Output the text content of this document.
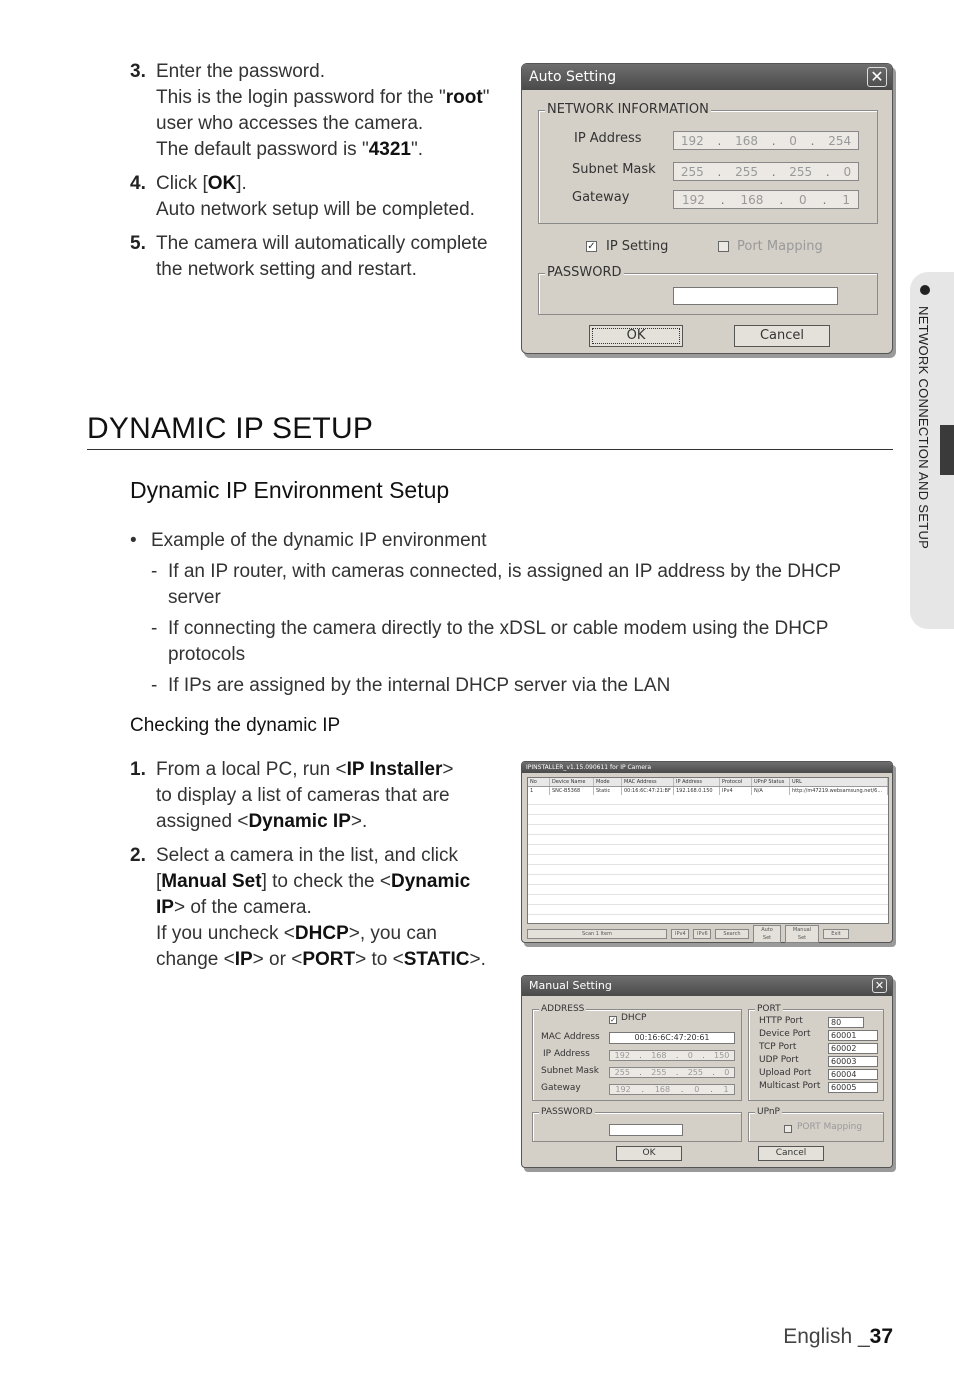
3. Enter the password.
This is the login password for the "root"
user who accesses the camera.
The default password is "4321".
4. Click [OK].
Auto network setup will be completed.
5. The camera will automatically complete
the network setting and restart.
Auto Setting	✕
NETWORK INFORMATION
IP Address	192 . 168 . 0 . 254
Subnet Mask 255 . 255 . 255 . 0
Gateway	192 . 168 . 0 . 1
✓ IP Setting	Port Mapping
PASSWORD
OK	Cancel
DYNAMIC IP SETUP
Dynamic IP Environment Setup
• Example of the dynamic IP environment
- If an IP router, with cameras connected, is assigned an IP address by the DHCP server
- If connecting the camera directly to the xDSL or cable modem using the DHCP protocols
- If IPs are assigned by the internal DHCP server via the LAN
Checking the dynamic IP
1. From a local PC, run <IP Installer>
to display a list of cameras that are
assigned <Dynamic IP>.
2. Select a camera in the list, and click
[Manual Set] to check the <Dynamic
IP> of the camera.
If you uncheck <DHCP>, you can
change <IP> or <PORT> to <STATIC>.
IPINSTALLER_v1.15.090611 for IP Camera
No	Device Name	Mode	MAC Address	IP Address	Protocol	UPnP Status	URL
1	SNC-B5368	Static	00:16:6C:47:21:BF	192.168.0.150	IPv4	N/A	http://m47219.websamsung.net/6...
Scan 1 Item	IPv4	IPv6	Search
Auto Set
Manual Set
Exit
Manual Setting	✕
ADDRESS
✓ DHCP
MAC Address	00:16:6C:47:20:61
IP Address	192 . 168 . 0 . 150
Subnet Mask 255 . 255 . 255 . 0
Gateway	192 . 168 . 0 . 1
PORT
HTTP Port	80
Device Port	60001
TCP Port	60002
UDP Port	60003
Upload Port	60004
Multicast Port	60005
PASSWORD	UPnP
PORT Mapping
OK	Cancel
NETWORK CONNECTION AND SETUP
English _37
